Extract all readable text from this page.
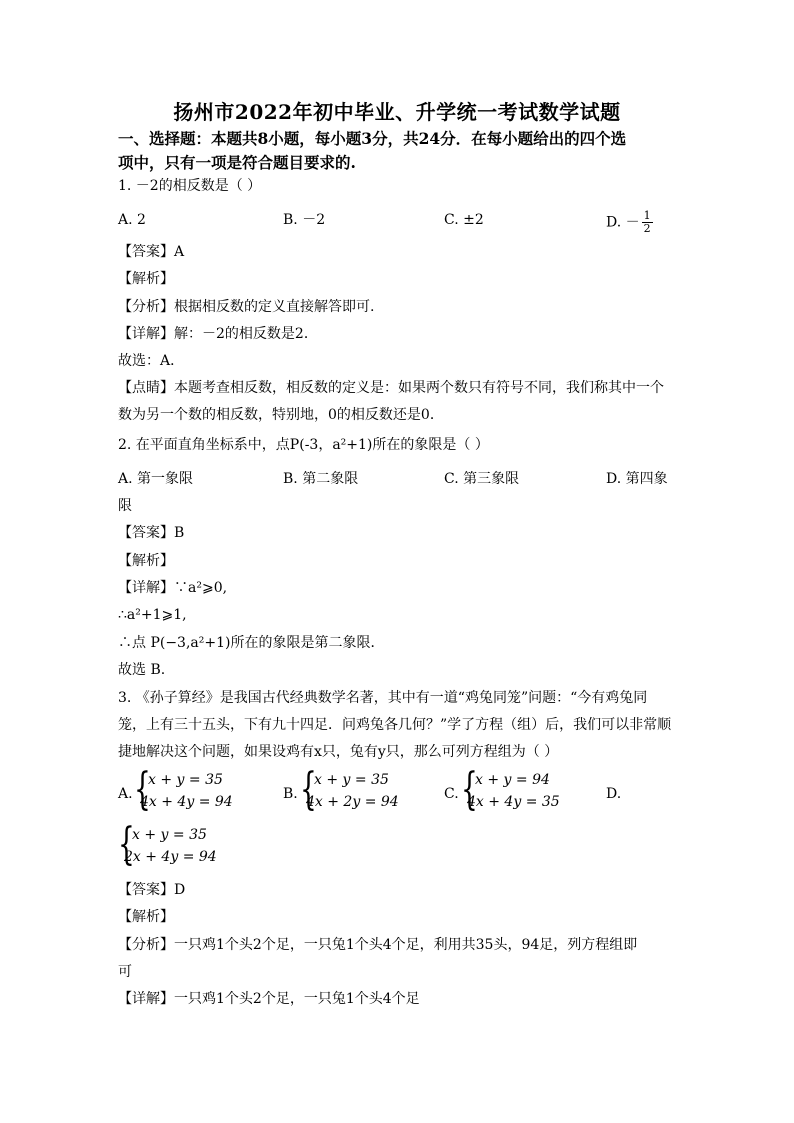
扬州市2022年初中毕业、升学统一考试数学试题
一、选择题：本题共8小题，每小题3分，共24分．在每小题给出的四个选
项中，只有一项是符合题目要求的.
1. －2的相反数是（ ）
A. 2	B. －2	C. ±2	D. － $\frac{1}{2}$
【答案】A
【解析】
【分析】根据相反数的定义直接解答即可.
【详解】解：－2的相反数是2．
故选：A．
【点睛】本题考查相反数，相反数的定义是：如果两个数只有符号不同，我们称其中一个
数为另一个数的相反数，特别地，0的相反数还是0．
2. 在平面直角坐标系中，点P(-3，a²+1)所在的象限是（ ）
A. 第一象限	B. 第二象限	C. 第三象限	D. 第四象
限
【答案】B
【解析】
【详解】∵a²⩾0,
∴a²+1⩾1,
∴点 P(−3,a²+1)所在的象限是第二象限．
故选 B.
3. 《孙子算经》是我国古代经典数学名著，其中有一道“鸡兔同笼”问题：“今有鸡兔同
笼，上有三十五头，下有九十四足．问鸡兔各几何？”学了方程（组）后，我们可以非常顺
捷地解决这个问题，如果设鸡有x只，兔有y只，那么可列方程组为（ ）
A. {
x + y = 35
4x + 4y = 94	B. {
x + y = 35
4x + 2y = 94	C. {
x + y = 94
4x + 4y = 35	D.
{
x + y = 35
2x + 4y = 94
【答案】D
【解析】
【分析】一只鸡1个头2个足，一只兔1个头4个足，利用共35头，94足，列方程组即
可
【详解】一只鸡1个头2个足，一只兔1个头4个足
